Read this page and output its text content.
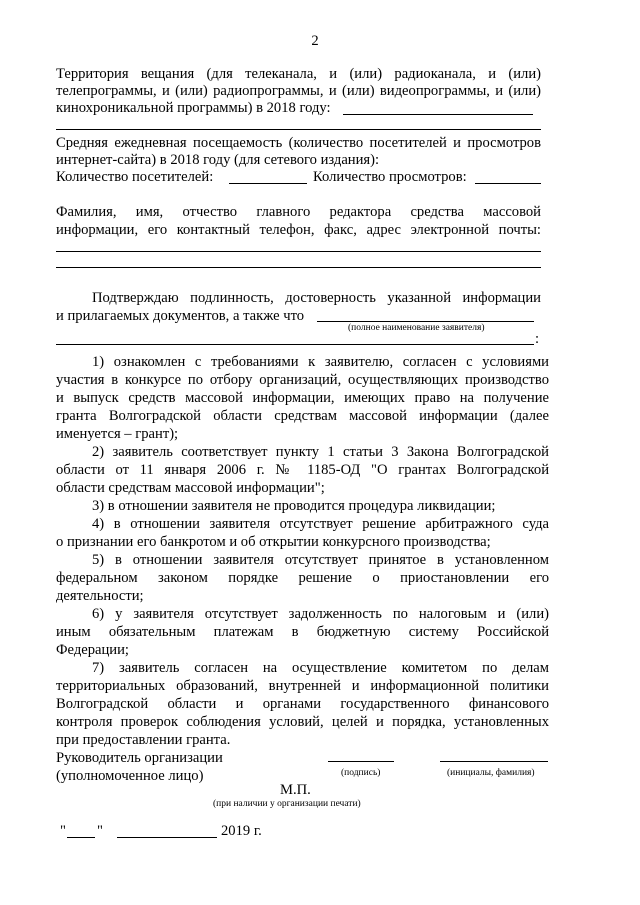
2
Территория вещания (для телеканала, и (или) радиоканала, и (или)
телепрограммы, и (или) радиопрограммы, и (или) видеопрограммы, и (или)
кинохроникальной программы) в 2018 году:
Средняя ежедневная посещаемость (количество посетителей и просмотров
интернет-сайта) в 2018 году (для сетевого издания):
Количество посетителей:	Количество просмотров:
Фамилия, имя, отчество главного редактора средства массовой
информации, его контактный телефон, факс, адрес электронной почты:
Подтверждаю подлинность, достоверность указанной информации
и прилагаемых документов, а также что
(полное наименование заявителя)
:
1) ознакомлен с требованиями к заявителю, согласен с условиями
участия в конкурсе по отбору организаций, осуществляющих производство
и выпуск средств массовой информации, имеющих право на получение
гранта Волгоградской области средствам массовой информации (далее
именуется – грант);
2) заявитель соответствует пункту 1 статьи 3 Закона Волгоградской
области от 11 января 2006 г. № 1185-ОД "О грантах Волгоградской
области средствам массовой информации";
3) в отношении заявителя не проводится процедура ликвидации;
4) в отношении заявителя отсутствует решение арбитражного суда
о признании его банкротом и об открытии конкурсного производства;
5) в отношении заявителя отсутствует принятое в установленном
федеральном законом порядке решение о приостановлении его
деятельности;
6) у заявителя отсутствует задолженность по налоговым и (или)
иным обязательным платежам в бюджетную систему Российской
Федерации;
7) заявитель согласен на осуществление комитетом по делам
территориальных образований, внутренней и информационной политики
Волгоградской области и органами государственного финансового
контроля проверок соблюдения условий, целей и порядка, установленных
при предоставлении гранта.
Руководитель организации
(уполномоченное лицо)	(подпись)	(инициалы, фамилия)
М.П.
(при наличии у организации печати)
" "	2019 г.
